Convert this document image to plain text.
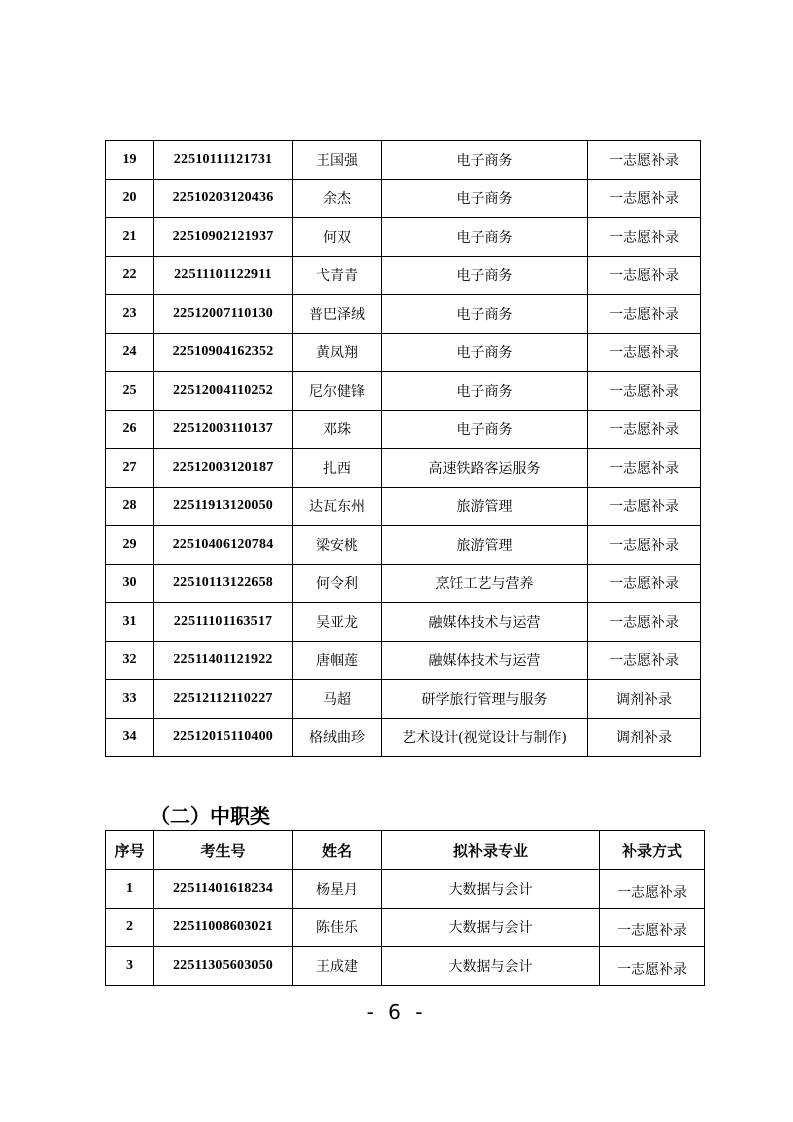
19	22510111121731	王国强	电子商务	一志愿补录
20	22510203120436	余杰	电子商务	一志愿补录
21	22510902121937	何双	电子商务	一志愿补录
22	22511101122911	弋青青	电子商务	一志愿补录
23	22512007110130	普巴泽绒	电子商务	一志愿补录
24	22510904162352	黄凤翔	电子商务	一志愿补录
25	22512004110252	尼尔健锋	电子商务	一志愿补录
26	22512003110137	邓珠	电子商务	一志愿补录
27	22512003120187	扎西	高速铁路客运服务	一志愿补录
28	22511913120050	达瓦东州	旅游管理	一志愿补录
29	22510406120784	梁安桃	旅游管理	一志愿补录
30	22510113122658	何令利	烹饪工艺与营养	一志愿补录
31	22511101163517	吴亚龙	融媒体技术与运营	一志愿补录
32	22511401121922	唐帼莲	融媒体技术与运营	一志愿补录
33	22512112110227	马超	研学旅行管理与服务	调剂补录
34	22512015110400	格绒曲珍	艺术设计(视觉设计与制作)	调剂补录
（二）中职类
序号	考生号	姓名	拟补录专业	补录方式
1	22511401618234	杨星月	大数据与会计	一志愿补录
2	22511008603021	陈佳乐	大数据与会计	一志愿补录
3	22511305603050	王成建	大数据与会计	一志愿补录
- 6 -
